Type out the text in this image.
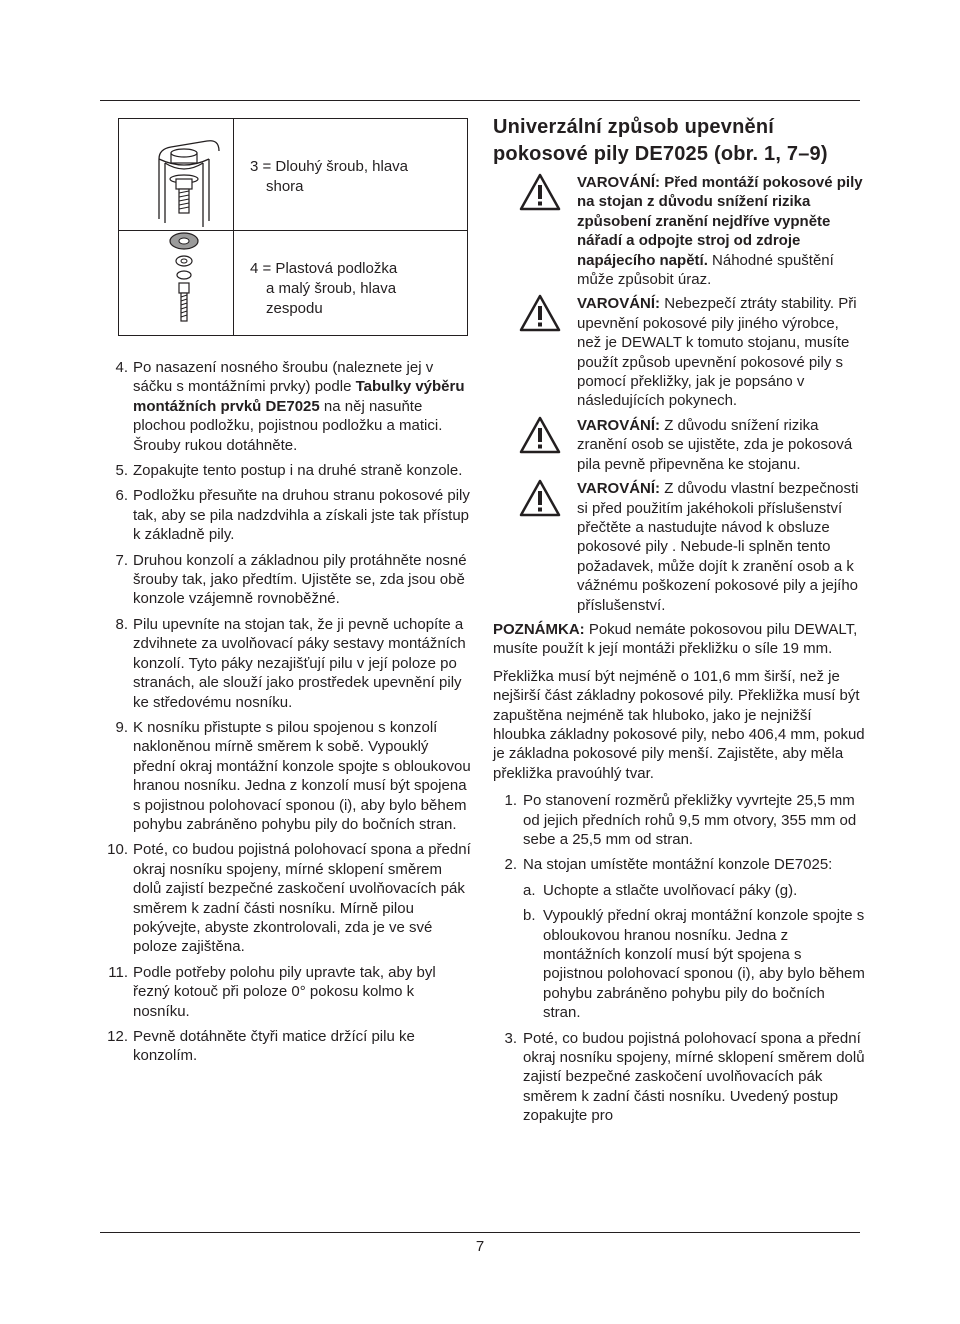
3 = Dlouhý šroub, hlava
shora
4 = Plastová podložka
a malý šroub, hlava
zespodu
4. Po nasazení nosného šroubu (naleznete jej v sáčku s montážními prvky) podle Tabulky výběru montážních prvků DE7025 na něj nasuňte plochou podložku, pojistnou podložku a matici. Šrouby rukou dotáhněte.
5. Zopakujte tento postup i na druhé straně konzole.
6. Podložku přesuňte na druhou stranu pokosové pily tak, aby se pila nadzdvihla a získali jste tak přístup k základně pily.
7. Druhou konzolí a základnou pily protáhněte nosné šrouby tak, jako předtím. Ujistěte se, zda jsou obě konzole vzájemně rovnoběžné.
8. Pilu upevníte na stojan tak, že ji pevně uchopíte a zdvihnete za uvolňovací páky sestavy montážních konzolí. Tyto páky nezajišťují pilu v její poloze po stranách, ale slouží jako prostředek upevnění pily ke středovému nosníku.
9. K nosníku přistupte s pilou spojenou s konzolí nakloněnou mírně směrem k sobě. Vypouklý přední okraj montážní konzole spojte s obloukovou hranou nosníku. Jedna z konzolí musí být spojena s pojistnou polohovací sponou (i), aby bylo během pohybu zabráněno pohybu pily do bočních stran.
10. Poté, co budou pojistná polohovací spona a přední okraj nosníku spojeny, mírné sklopení směrem dolů zajistí bezpečné zaskočení uvolňovacích pák směrem k zadní části nosníku. Mírně pilou pokývejte, abyste zkontrolovali, zda je ve své poloze zajištěna.
11. Podle potřeby polohu pily upravte tak, aby byl řezný kotouč při poloze 0° pokosu kolmo k nosníku.
12. Pevně dotáhněte čtyři matice držící pilu ke konzolím.
Univerzální způsob upevnění pokosové pily DE7025 (obr. 1, 7–9)
VAROVÁNÍ: Před montáží pokosové pily na stojan z důvodu snížení rizika způsobení zranění nejdříve vypněte nářadí a odpojte stroj od zdroje napájecího napětí. Náhodné spuštění může způsobit úraz.
VAROVÁNÍ: Nebezpečí ztráty stability. Při upevnění pokosové pily jiného výrobce, než je DEWALT k tomuto stojanu, musíte použít způsob upevnění pokosové pily s pomocí překližky, jak je popsáno v následujících pokynech.
VAROVÁNÍ: Z důvodu snížení rizika zranění osob se ujistěte, zda je pokosová pila pevně připevněna ke stojanu.
VAROVÁNÍ: Z důvodu vlastní bezpečnosti si před použitím jakéhokoli příslušenství přečtěte a nastudujte návod k obsluze pokosové pily . Nebude-li splněn tento požadavek, může dojít k zranění osob a k vážnému poškození pokosové pily a jejího příslušenství.
POZNÁMKA: Pokud nemáte pokosovou pilu DEWALT, musíte použít k její montáži překližku o síle 19 mm.
Překližka musí být nejméně o 101,6 mm širší, než je nejširší část základny pokosové pily. Překližka musí být zapuštěna nejméně tak hluboko, jako je nejnižší hloubka základny pokosové pily, nebo 406,4 mm, pokud je základna pokosové pily menší. Zajistěte, aby měla překližka pravoúhlý tvar.
1. Po stanovení rozměrů překližky vyvrtejte 25,5 mm od jejich předních rohů 9,5 mm otvory, 355 mm od sebe a 25,5 mm od stran.
2. Na stojan umístěte montážní konzole DE7025:
a. Uchopte a stlačte uvolňovací páky (g).
b. Vypouklý přední okraj montážní konzole spojte s obloukovou hranou nosníku. Jedna z montážních konzolí musí být spojena s pojistnou polohovací sponou (i), aby bylo během pohybu zabráněno pohybu pily do bočních stran.
3. Poté, co budou pojistná polohovací spona a přední okraj nosníku spojeny, mírné sklopení směrem dolů zajistí bezpečné zaskočení uvolňovacích pák směrem k zadní části nosníku. Uvedený postup zopakujte pro
7
